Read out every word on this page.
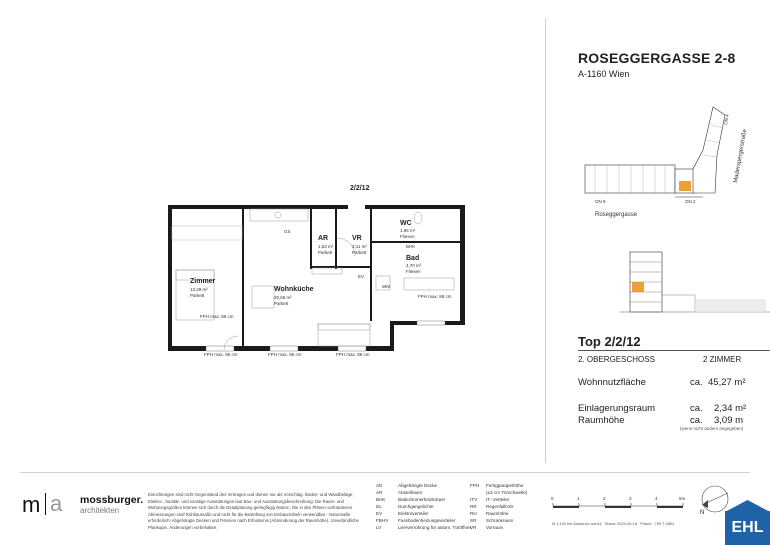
ROSEGGERGASSE 2-8
A-1160 Wien
ON 8	ON 2
ON 4
Roseggergasse
Maderspergerstraße
Top 2/2/12
2. OBERGESCHOSS	2 ZIMMER
Wohnnutzfläche	ca. 45,27 m²
Einlagerungsraum	ca. 2,34 m²
Raumhöhe	ca. 3,09 m
(wenn nicht anders angegeben)
2/2/12
Zimmer
13,29 m²
Parkett
Wohnküche
20,68 m²
Parkett
AR
1,53 m²
Parkett
VR
3,11 m²
Parkett
WC
1,96 m²
Fliesen
Bad
4,70 m²
Fliesen
GS
WM
BHK
EV
FPH max. 86 cm	FPH max. 86 cm	FPH max. 86 cm
FPH max. 86 cm
FPH max. 86 cm
m a mossburger.
architekten
Einrichtungen sind nicht Gegenstand des Vertrages und dienen nur als Vorschlag. Boden- und Wandbeläge, Elektro-, Sanitär- und sonstige Ausstattungen laut Bau- und Ausstattungsbeschreibung. Die Raum- und Wohnungsgrößen können sich durch die Detailplanung geringfügig ändern. Die in den Plänen vorhandenen Abmessungen sind Rohbaumaße und nicht für die Bestellung von Einbaumöbeln verwendbar - Naturmaße erforderlich! Abgehängte Decken und Poterien nach Erfordernis (Abminderung der Raumhöhe). Unverbindliche Plankopie, Änderungen vorbehalten.
AD	Abgehängte Decke
AR	Abstellraum
BHK	Badezimmerheizkörper
DL	Durchgangslichte
EV	Elektroverteiler
FBHV Fussbodenheizungsverteiler
LV	Leerverrohrung für autom. Türöffner
FPH Fertigparapethöhe
(±3 cm Türschwelle)
ITV IT- Verteiler
RR Regenfallrohr
RH Raumhöhe
SR Schrankraum
VR Vorraum
0	1	2	3	4	5m
M 1:100 bei Ausdruck auf A4 Stand: 2024-06-18 Plannr.: 769 T 0864
N
EHL
